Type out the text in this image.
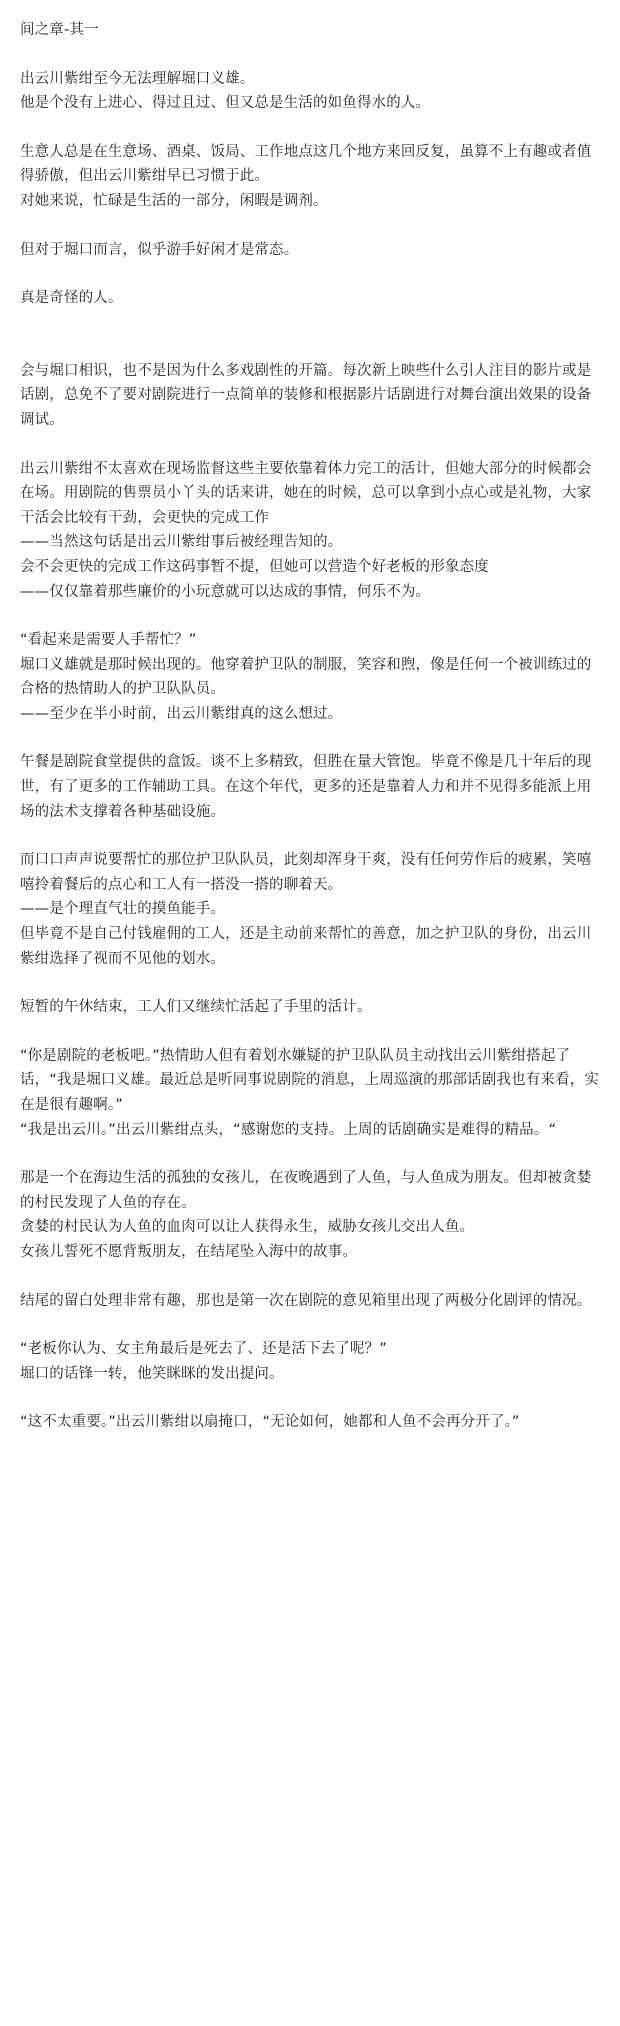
间之章-其一

出云川紫绀至今无法理解堀口义雄。

他是个没有上进心、得过且过、但又总是生活的如鱼得水的人。

生意人总是在生意场、酒桌、饭局、工作地点这几个地方来回反复，虽算不上有趣或者值得骄傲，但出云川紫绀早已习惯于此。

对她来说，忙碌是生活的一部分，闲暇是调剂。

但对于堀口而言，似乎游手好闲才是常态。

真是奇怪的人。

会与堀口相识，也不是因为什么多戏剧性的开篇。每次新上映些什么引人注目的影片或是话剧，总免不了要对剧院进行一点简单的装修和根据影片话剧进行对舞台演出效果的设备调试。

出云川紫绀不太喜欢在现场监督这些主要依靠着体力完工的活计，但她大部分的时候都会在场。用剧院的售票员小丫头的话来讲，她在的时候，总可以拿到小点心或是礼物，大家干活会比较有干劲，会更快的完成工作

——当然这句话是出云川紫绀事后被经理告知的。

会不会更快的完成工作这码事暂不提，但她可以营造个好老板的形象态度

——仅仅靠着那些廉价的小玩意就可以达成的事情，何乐不为。

“看起来是需要人手帮忙？”

堀口义雄就是那时候出现的。他穿着护卫队的制服，笑容和煦，像是任何一个被训练过的合格的热情助人的护卫队队员。

——至少在半小时前，出云川紫绀真的这么想过。

午餐是剧院食堂提供的盒饭。谈不上多精致，但胜在量大管饱。毕竟不像是几十年后的现世，有了更多的工作辅助工具。在这个年代，更多的还是靠着人力和并不见得多能派上用场的法术支撑着各种基础设施。

而口口声声说要帮忙的那位护卫队队员，此刻却浑身干爽，没有任何劳作后的疲累，笑嘻嘻拎着餐后的点心和工人有一搭没一搭的聊着天。

——是个理直气壮的摸鱼能手。

但毕竟不是自己付钱雇佣的工人，还是主动前来帮忙的善意，加之护卫队的身份，出云川紫绀选择了视而不见他的划水。

短暂的午休结束，工人们又继续忙活起了手里的活计。

“你是剧院的老板吧。”热情助人但有着划水嫌疑的护卫队队员主动找出云川紫绀搭起了话，“我是堀口义雄。最近总是听同事说剧院的消息，上周巡演的那部话剧我也有来看，实在是很有趣啊。”

“我是出云川。”出云川紫绀点头，“感谢您的支持。上周的话剧确实是难得的精品。“

那是一个在海边生活的孤独的女孩儿，在夜晚遇到了人鱼，与人鱼成为朋友。但却被贪婪的村民发现了人鱼的存在。

贪婪的村民认为人鱼的血肉可以让人获得永生，威胁女孩儿交出人鱼。

女孩儿誓死不愿背叛朋友，在结尾坠入海中的故事。

结尾的留白处理非常有趣，那也是第一次在剧院的意见箱里出现了两极分化剧评的情况。

“老板你认为、女主角最后是死去了、还是活下去了呢？”

堀口的话锋一转，他笑眯眯的发出提问。

“这不太重要。”出云川紫绀以扇掩口，“无论如何，她都和人鱼不会再分开了。”
